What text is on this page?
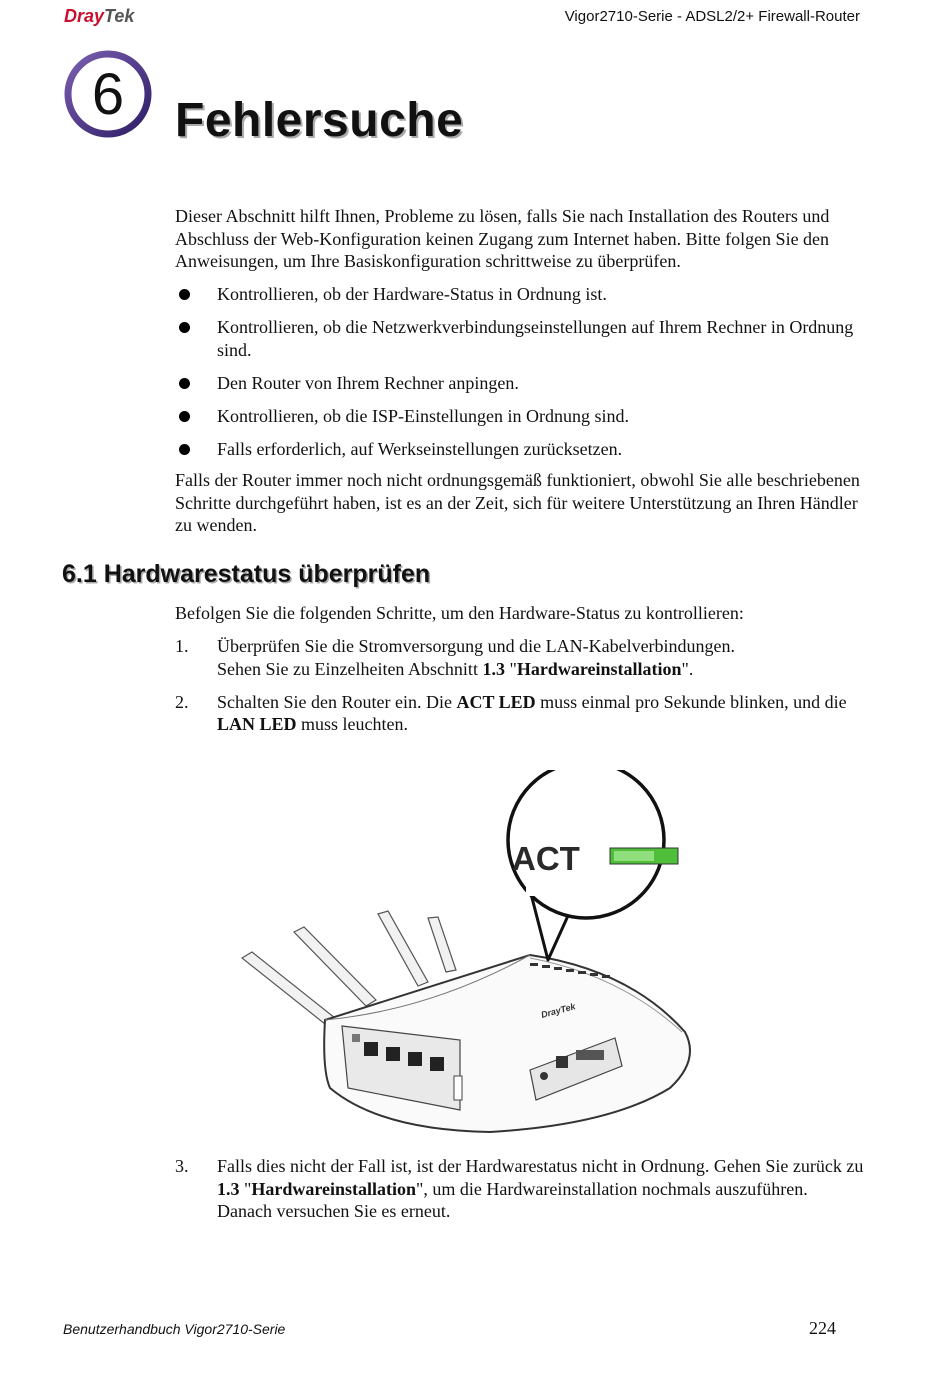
DrayTek	Vigor2710-Serie - ADSL2/2+ Firewall-Router
6 Fehlersuche
Dieser Abschnitt hilft Ihnen, Probleme zu lösen, falls Sie nach Installation des Routers und Abschluss der Web-Konfiguration keinen Zugang zum Internet haben. Bitte folgen Sie den Anweisungen, um Ihre Basiskonfiguration schrittweise zu überprüfen.
Kontrollieren, ob der Hardware-Status in Ordnung ist.
Kontrollieren, ob die Netzwerkverbindungseinstellungen auf Ihrem Rechner in Ordnung sind.
Den Router von Ihrem Rechner anpingen.
Kontrollieren, ob die ISP-Einstellungen in Ordnung sind.
Falls erforderlich, auf Werkseinstellungen zurücksetzen.
Falls der Router immer noch nicht ordnungsgemäß funktioniert, obwohl Sie alle beschriebenen Schritte durchgeführt haben, ist es an der Zeit, sich für weitere Unterstützung an Ihren Händler zu wenden.
6.1 Hardwarestatus überprüfen
Befolgen Sie die folgenden Schritte, um den Hardware-Status zu kontrollieren:
1. Überprüfen Sie die Stromversorgung und die LAN-Kabelverbindungen.
Sehen Sie zu Einzelheiten Abschnitt 1.3 "Hardwareinstallation".
2. Schalten Sie den Router ein. Die ACT LED muss einmal pro Sekunde blinken, und die LAN LED muss leuchten.
DrayTek
ACT
3. Falls dies nicht der Fall ist, ist der Hardwarestatus nicht in Ordnung. Gehen Sie zurück zu 1.3 "Hardwareinstallation", um die Hardwareinstallation nochmals auszuführen. Danach versuchen Sie es erneut.
Benutzerhandbuch Vigor2710-Serie	224
